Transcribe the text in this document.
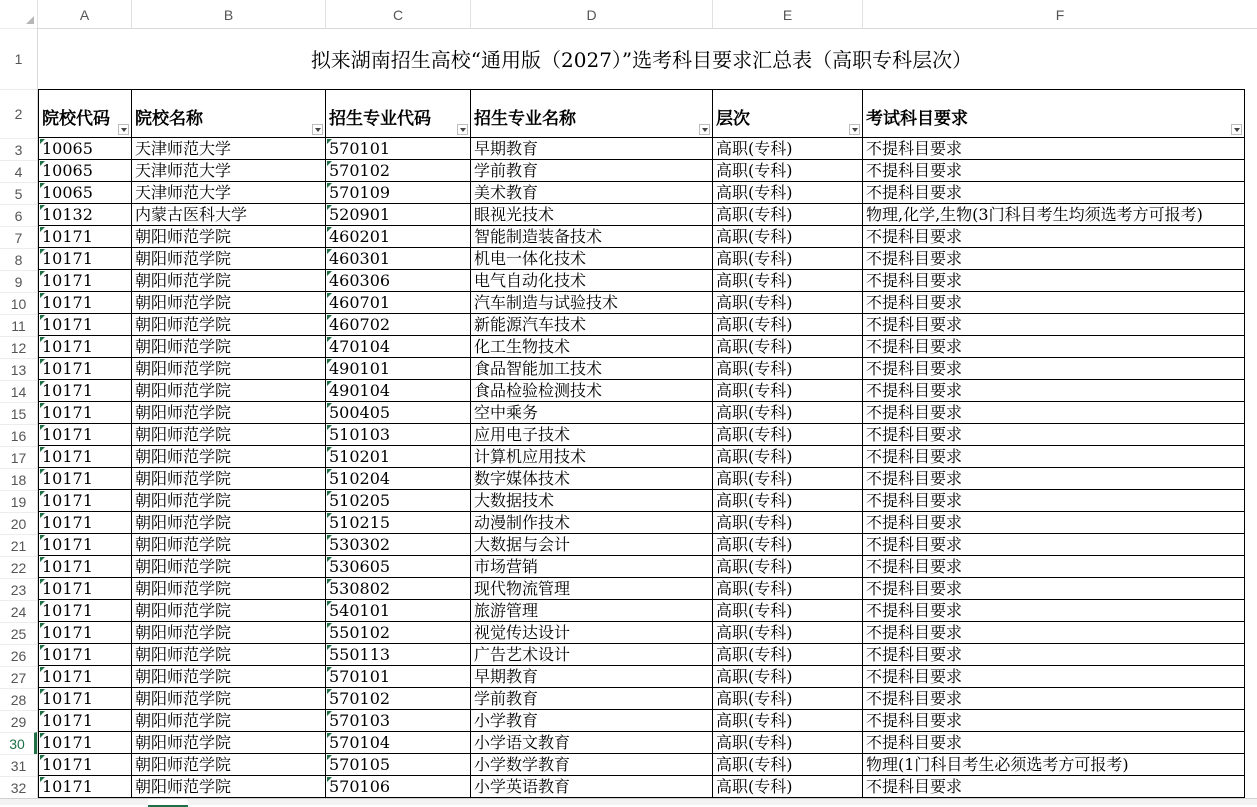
A	B	C	D	E	F
1
2
3
4
5
6
7
8
9
10
11
12
13
14
15
16
17
18
19
20
21
22
23
24
25
26
27
28
29
30
31
32
拟来湖南招生高校“通用版（2027）”选考科目要求汇总表（高职专科层次）
院校代码	院校名称	招生专业代码	招生专业名称	层次	考试科目要求
10065	天津师范大学	570101	早期教育	高职(专科)	不提科目要求
10065	天津师范大学	570102	学前教育	高职(专科)	不提科目要求
10065	天津师范大学	570109	美术教育	高职(专科)	不提科目要求
10132	内蒙古医科大学	520901	眼视光技术	高职(专科)	物理,化学,生物(3门科目考生均须选考方可报考)
10171	朝阳师范学院	460201	智能制造装备技术	高职(专科)	不提科目要求
10171	朝阳师范学院	460301	机电一体化技术	高职(专科)	不提科目要求
10171	朝阳师范学院	460306	电气自动化技术	高职(专科)	不提科目要求
10171	朝阳师范学院	460701	汽车制造与试验技术	高职(专科)	不提科目要求
10171	朝阳师范学院	460702	新能源汽车技术	高职(专科)	不提科目要求
10171	朝阳师范学院	470104	化工生物技术	高职(专科)	不提科目要求
10171	朝阳师范学院	490101	食品智能加工技术	高职(专科)	不提科目要求
10171	朝阳师范学院	490104	食品检验检测技术	高职(专科)	不提科目要求
10171	朝阳师范学院	500405	空中乘务	高职(专科)	不提科目要求
10171	朝阳师范学院	510103	应用电子技术	高职(专科)	不提科目要求
10171	朝阳师范学院	510201	计算机应用技术	高职(专科)	不提科目要求
10171	朝阳师范学院	510204	数字媒体技术	高职(专科)	不提科目要求
10171	朝阳师范学院	510205	大数据技术	高职(专科)	不提科目要求
10171	朝阳师范学院	510215	动漫制作技术	高职(专科)	不提科目要求
10171	朝阳师范学院	530302	大数据与会计	高职(专科)	不提科目要求
10171	朝阳师范学院	530605	市场营销	高职(专科)	不提科目要求
10171	朝阳师范学院	530802	现代物流管理	高职(专科)	不提科目要求
10171	朝阳师范学院	540101	旅游管理	高职(专科)	不提科目要求
10171	朝阳师范学院	550102	视觉传达设计	高职(专科)	不提科目要求
10171	朝阳师范学院	550113	广告艺术设计	高职(专科)	不提科目要求
10171	朝阳师范学院	570101	早期教育	高职(专科)	不提科目要求
10171	朝阳师范学院	570102	学前教育	高职(专科)	不提科目要求
10171	朝阳师范学院	570103	小学教育	高职(专科)	不提科目要求
10171	朝阳师范学院	570104	小学语文教育	高职(专科)	不提科目要求
10171	朝阳师范学院	570105	小学数学教育	高职(专科)	物理(1门科目考生必须选考方可报考)
10171	朝阳师范学院	570106	小学英语教育	高职(专科)	不提科目要求
